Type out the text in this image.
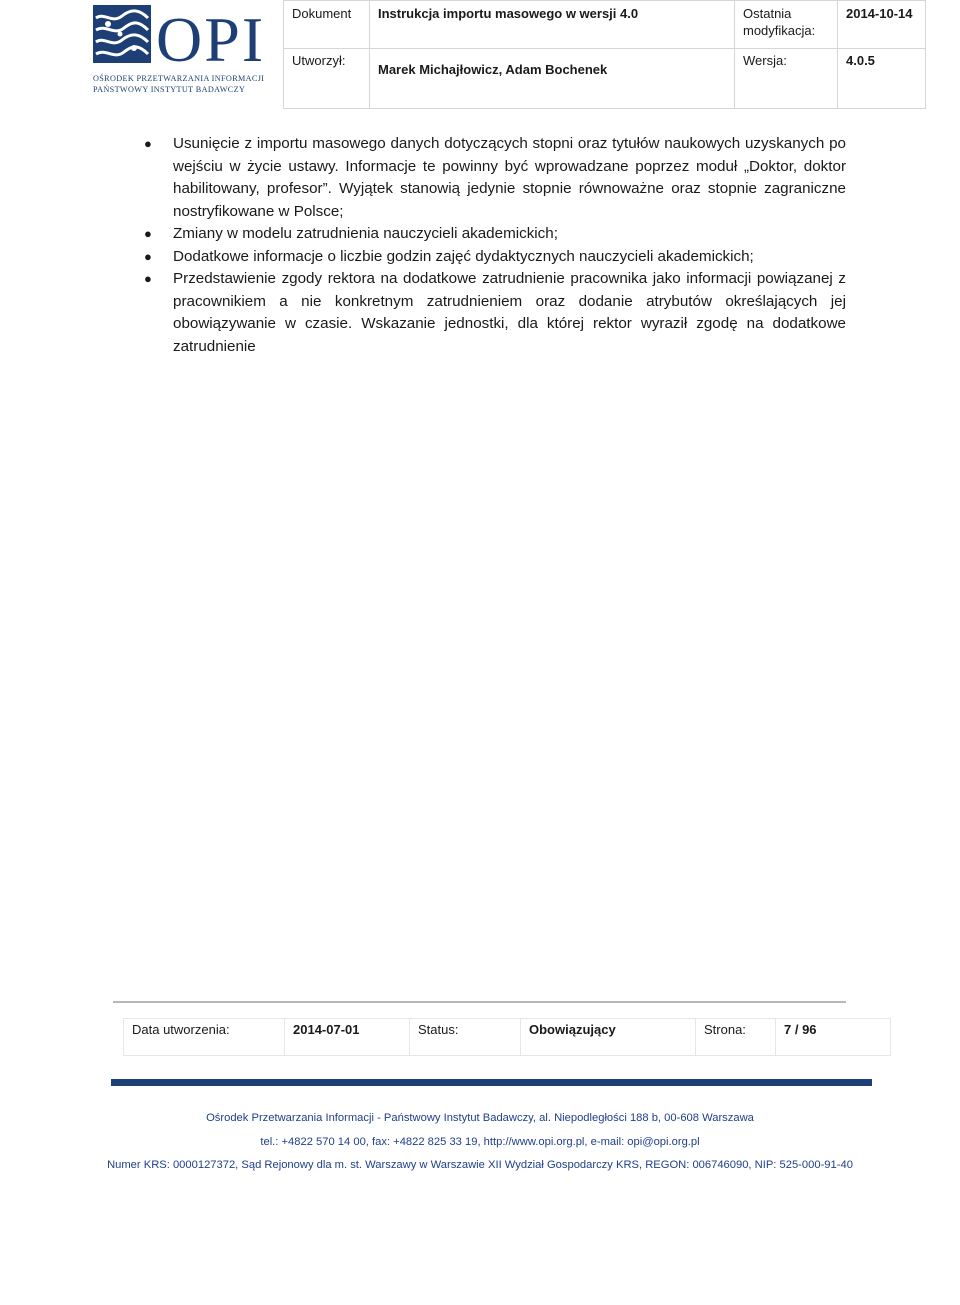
OPI
OŚRODEK PRZETWARZANIA INFORMACJI
PAŃSTWOWY INSTYTUT BADAWCZY
Dokument	Instrukcja importu masowego w wersji 4.0	Ostatnia modyfikacja:	2014-10-14

Utworzył:	Marek Michajłowicz, Adam Bochenek	Wersja:	4.0.5
● Usunięcie z importu masowego danych dotyczących stopni oraz tytułów naukowych uzyskanych po wejściu w życie ustawy. Informacje te powinny być wprowadzane poprzez moduł „Doktor, doktor habilitowany, profesor”. Wyjątek stanowią jedynie stopnie równoważne oraz stopnie zagraniczne nostryfikowane w Polsce;
● Zmiany w modelu zatrudnienia nauczycieli akademickich;
● Dodatkowe informacje o liczbie godzin zajęć dydaktycznych nauczycieli akademickich;
● Przedstawienie zgody rektora na dodatkowe zatrudnienie pracownika jako informacji powiązanej z pracownikiem a nie konkretnym zatrudnieniem oraz dodanie atrybutów określających jej obowiązywanie w czasie. Wskazanie jednostki, dla której rektor wyraził zgodę na dodatkowe zatrudnienie
Data utworzenia:	2014-07-01	Status:	Obowiązujący	Strona:	7 / 96
Ośrodek Przetwarzania Informacji - Państwowy Instytut Badawczy, al. Niepodległości 188 b, 00-608 Warszawa
tel.: +4822 570 14 00, fax: +4822 825 33 19, http://www.opi.org.pl, e-mail: opi@opi.org.pl
Numer KRS: 0000127372, Sąd Rejonowy dla m. st. Warszawy w Warszawie XII Wydział Gospodarczy KRS, REGON: 006746090, NIP: 525-000-91-40
